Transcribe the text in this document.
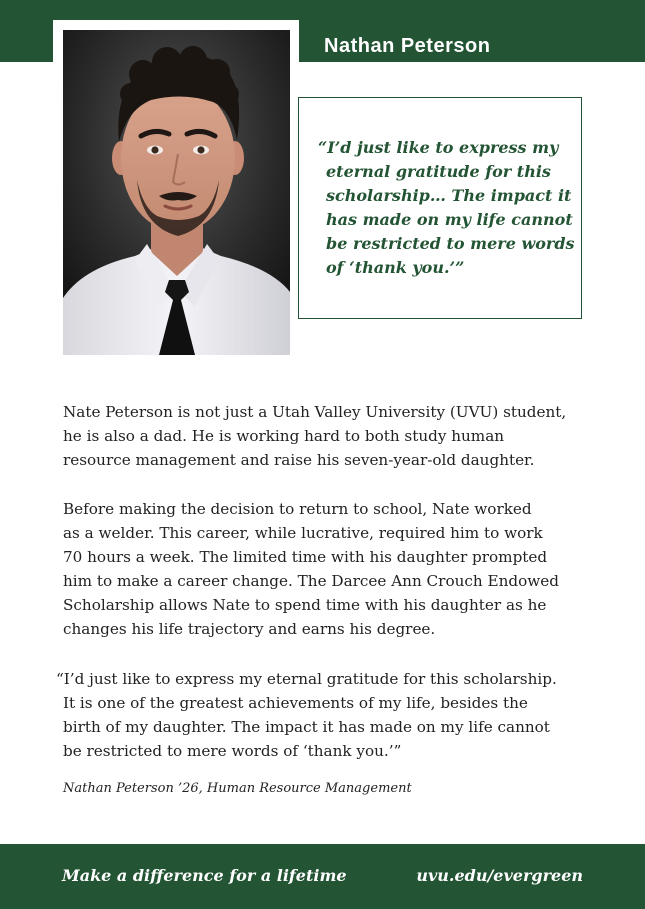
Nathan Peterson

“I’d just like to express my
eternal gratitude for this
scholarship… The impact it
has made on my life cannot
be restricted to mere words
of ‘thank you.’”

Nate Peterson is not just a Utah Valley University (UVU) student,
he is also a dad. He is working hard to both study human
resource management and raise his seven-year-old daughter.

Before making the decision to return to school, Nate worked
as a welder. This career, while lucrative, required him to work
70 hours a week. The limited time with his daughter prompted
him to make a career change. The Darcee Ann Crouch Endowed
Scholarship allows Nate to spend time with his daughter as he
changes his life trajectory and earns his degree.

“I’d just like to express my eternal gratitude for this scholarship.
It is one of the greatest achievements of my life, besides the
birth of my daughter. The impact it has made on my life cannot
be restricted to mere words of ‘thank you.’”

Nathan Peterson ’26, Human Resource Management

Make a difference for a lifetime	uvu.edu/evergreen
